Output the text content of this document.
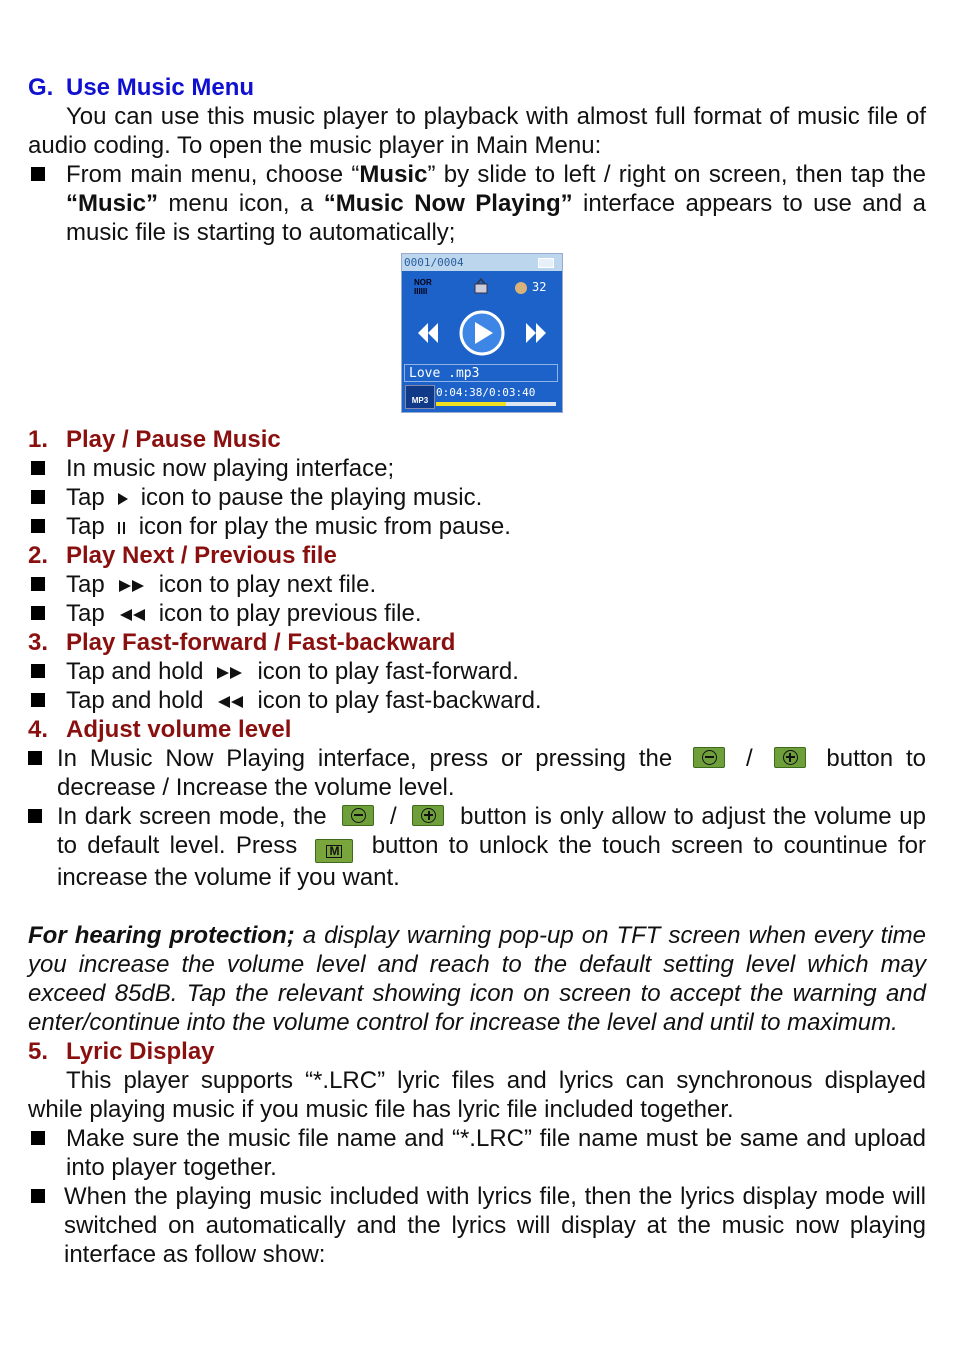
G. Use Music Menu

You can use this music player to playback with almost full format of music file of audio coding. To open the music player in Main Menu:

From main menu, choose “Music” by slide to left / right on screen, then tap the “Music” menu icon, a “Music Now Playing” interface appears to use and a music file is starting to automatically;

0001/0004
NOR
IIIIII	32
Love .mp3
MP3
0:04:38/0:03:40
1. Play / Pause Music

In music now playing interface;

Tap icon to pause the playing music.

Tap icon for play the music from pause.

2. Play Next / Previous file

Tap icon to play next file.

Tap icon to play previous file.

3. Play Fast-forward / Fast-backward

Tap and hold icon to play fast-forward.

Tap and hold icon to play fast-backward.

4. Adjust volume level

In Music Now Playing interface, press or pressing the	/	button to decrease / Increase the volume level.

In dark screen mode, the	/	button is only allow to adjust the volume up to default level. Press	M button to unlock the touch screen to countinue for increase the volume if you want.

For hearing protection; a display warning pop-up on TFT screen when every time you increase the volume level and reach to the default setting level which may exceed 85dB. Tap the relevant showing icon on screen to accept the warning and enter/continue into the volume control for increase the level and until to maximum.

5. Lyric Display

This player supports “*.LRC” lyric files and lyrics can synchronous displayed while playing music if you music file has lyric file included together.

Make sure the music file name and “*.LRC” file name must be same and upload into player together.

When the playing music included with lyrics file, then the lyrics display mode will switched on automatically and the lyrics will display at the music now playing interface as follow show:
